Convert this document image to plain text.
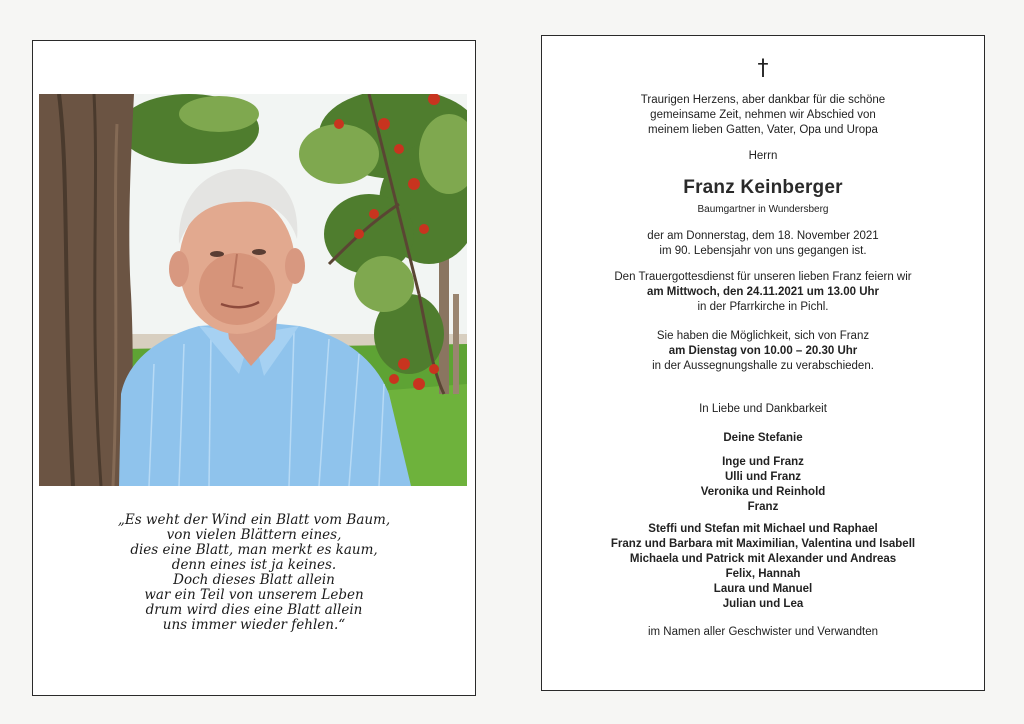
„Es weht der Wind ein Blatt vom Baum,
von vielen Blättern eines,
dies eine Blatt, man merkt es kaum,
denn eines ist ja keines.
Doch dieses Blatt allein
war ein Teil von unserem Leben
drum wird dies eine Blatt allein
uns immer wieder fehlen.“
†
Traurigen Herzens, aber dankbar für die schöne
gemeinsame Zeit, nehmen wir Abschied von
meinem lieben Gatten, Vater, Opa und Uropa
Herrn
Franz Keinberger
Baumgartner in Wundersberg
der am Donnerstag, dem 18. November 2021
im 90. Lebensjahr von uns gegangen ist.
Den Trauergottesdienst für unseren lieben Franz feiern wir
am Mittwoch, den 24.11.2021 um 13.00 Uhr
in der Pfarrkirche in Pichl.
Sie haben die Möglichkeit, sich von Franz
am Dienstag von 10.00 – 20.30 Uhr
in der Aussegnungshalle zu verabschieden.
In Liebe und Dankbarkeit
Deine Stefanie
Inge und Franz
Ulli und Franz
Veronika und Reinhold
Franz
Steffi und Stefan mit Michael und Raphael
Franz und Barbara mit Maximilian, Valentina und Isabell
Michaela und Patrick mit Alexander und Andreas
Felix, Hannah
Laura und Manuel
Julian und Lea
im Namen aller Geschwister und Verwandten
